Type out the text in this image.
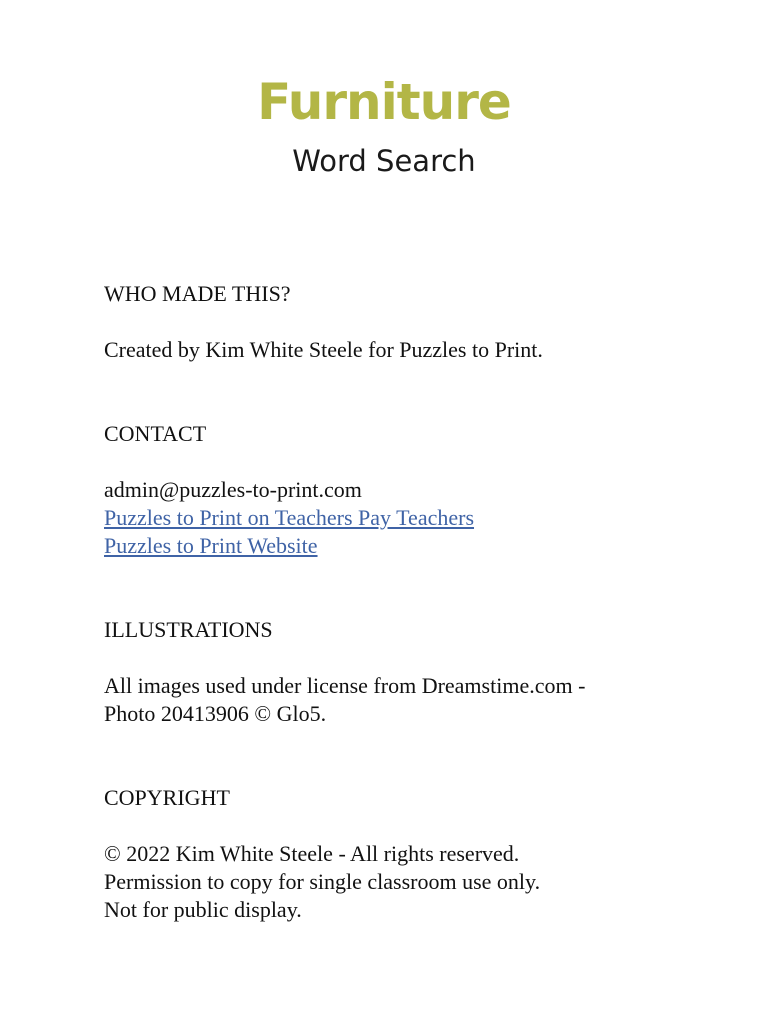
Furniture
Word Search
WHO MADE THIS?
Created by Kim White Steele for Puzzles to Print.
CONTACT
admin@puzzles-to-print.com
Puzzles to Print on Teachers Pay Teachers
Puzzles to Print Website
ILLUSTRATIONS
All images used under license from Dreamstime.com -
Photo 20413906 © Glo5.
COPYRIGHT
© 2022 Kim White Steele - All rights reserved.
Permission to copy for single classroom use only.
Not for public display.
